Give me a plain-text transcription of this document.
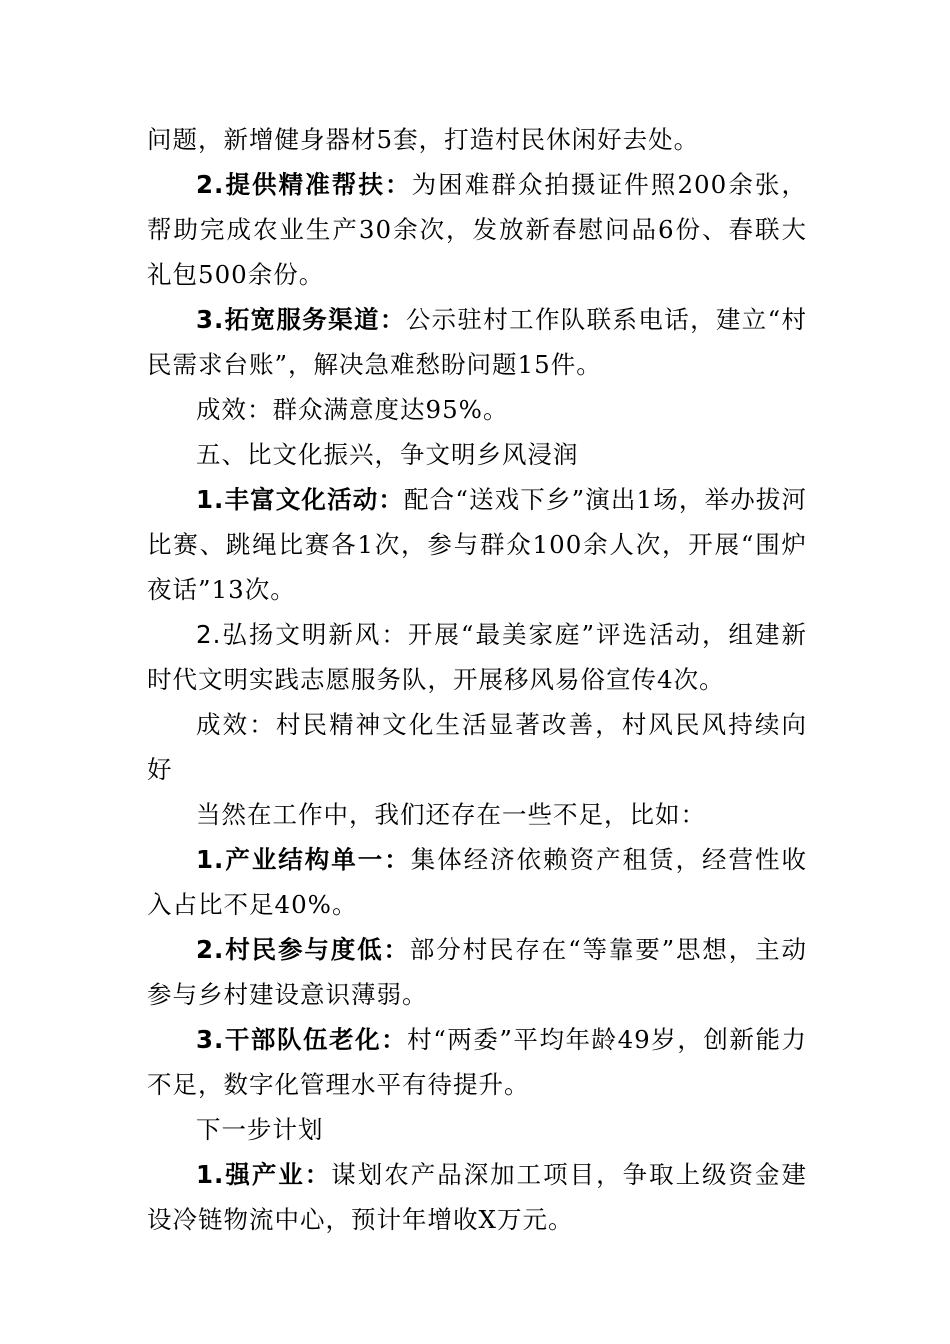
问题，新增健身器材5套，打造村民休闲好去处。

2.提供精准帮扶：为困难群众拍摄证件照200余张，帮助完成农业生产30余次，发放新春慰问品6份、春联大礼包500余份。

3.拓宽服务渠道：公示驻村工作队联系电话，建立“村民需求台账”，解决急难愁盼问题15件。

成效：群众满意度达95%。

五、比文化振兴，争文明乡风浸润

1.丰富文化活动：配合“送戏下乡”演出1场，举办拔河比赛、跳绳比赛各1次，参与群众100余人次，开展“围炉夜话”13次。

2.弘扬文明新风：开展“最美家庭”评选活动，组建新时代文明实践志愿服务队，开展移风易俗宣传4次。

成效：村民精神文化生活显著改善，村风民风持续向好

当然在工作中，我们还存在一些不足，比如：

1.产业结构单一：集体经济依赖资产租赁，经营性收入占比不足40%。

2.村民参与度低：部分村民存在“等靠要”思想，主动参与乡村建设意识薄弱。

3.干部队伍老化：村“两委”平均年龄49岁，创新能力不足，数字化管理水平有待提升。

下一步计划

1.强产业：谋划农产品深加工项目，争取上级资金建设冷链物流中心，预计年增收X万元。
